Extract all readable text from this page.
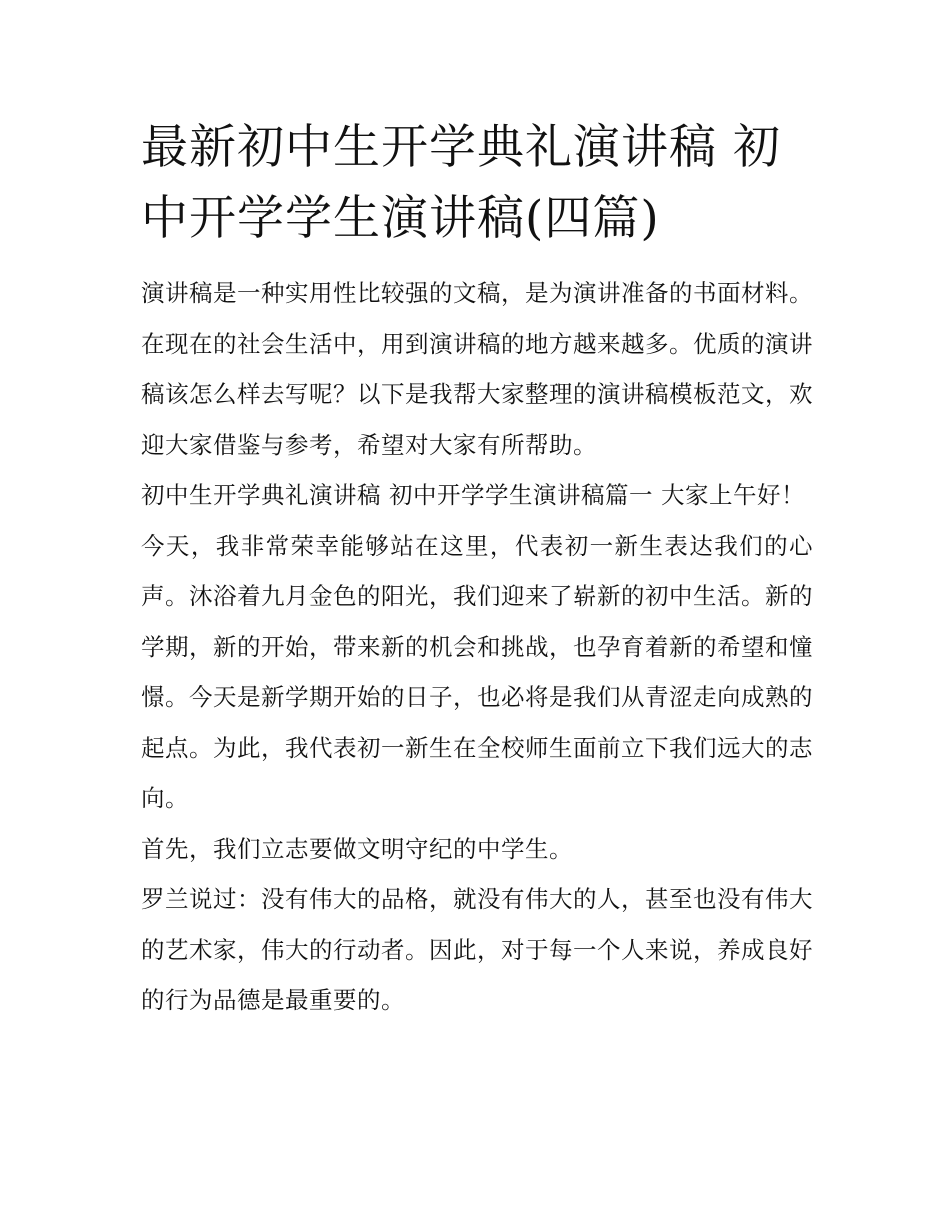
最新初中生开学典礼演讲稿 初中开学学生演讲稿(四篇)

演讲稿是一种实用性比较强的文稿，是为演讲准备的书面材料。在现在的社会生活中，用到演讲稿的地方越来越多。优质的演讲稿该怎么样去写呢？以下是我帮大家整理的演讲稿模板范文，欢迎大家借鉴与参考，希望对大家有所帮助。

初中生开学典礼演讲稿 初中开学学生演讲稿篇一 大家上午好！

今天，我非常荣幸能够站在这里，代表初一新生表达我们的心声。沐浴着九月金色的阳光，我们迎来了崭新的初中生活。新的学期，新的开始，带来新的机会和挑战，也孕育着新的希望和憧憬。今天是新学期开始的日子，也必将是我们从青涩走向成熟的起点。为此，我代表初一新生在全校师生面前立下我们远大的志向。

首先，我们立志要做文明守纪的中学生。

罗兰说过：没有伟大的品格，就没有伟大的人，甚至也没有伟大的艺术家，伟大的行动者。因此，对于每一个人来说，养成良好的行为品德是最重要的。
